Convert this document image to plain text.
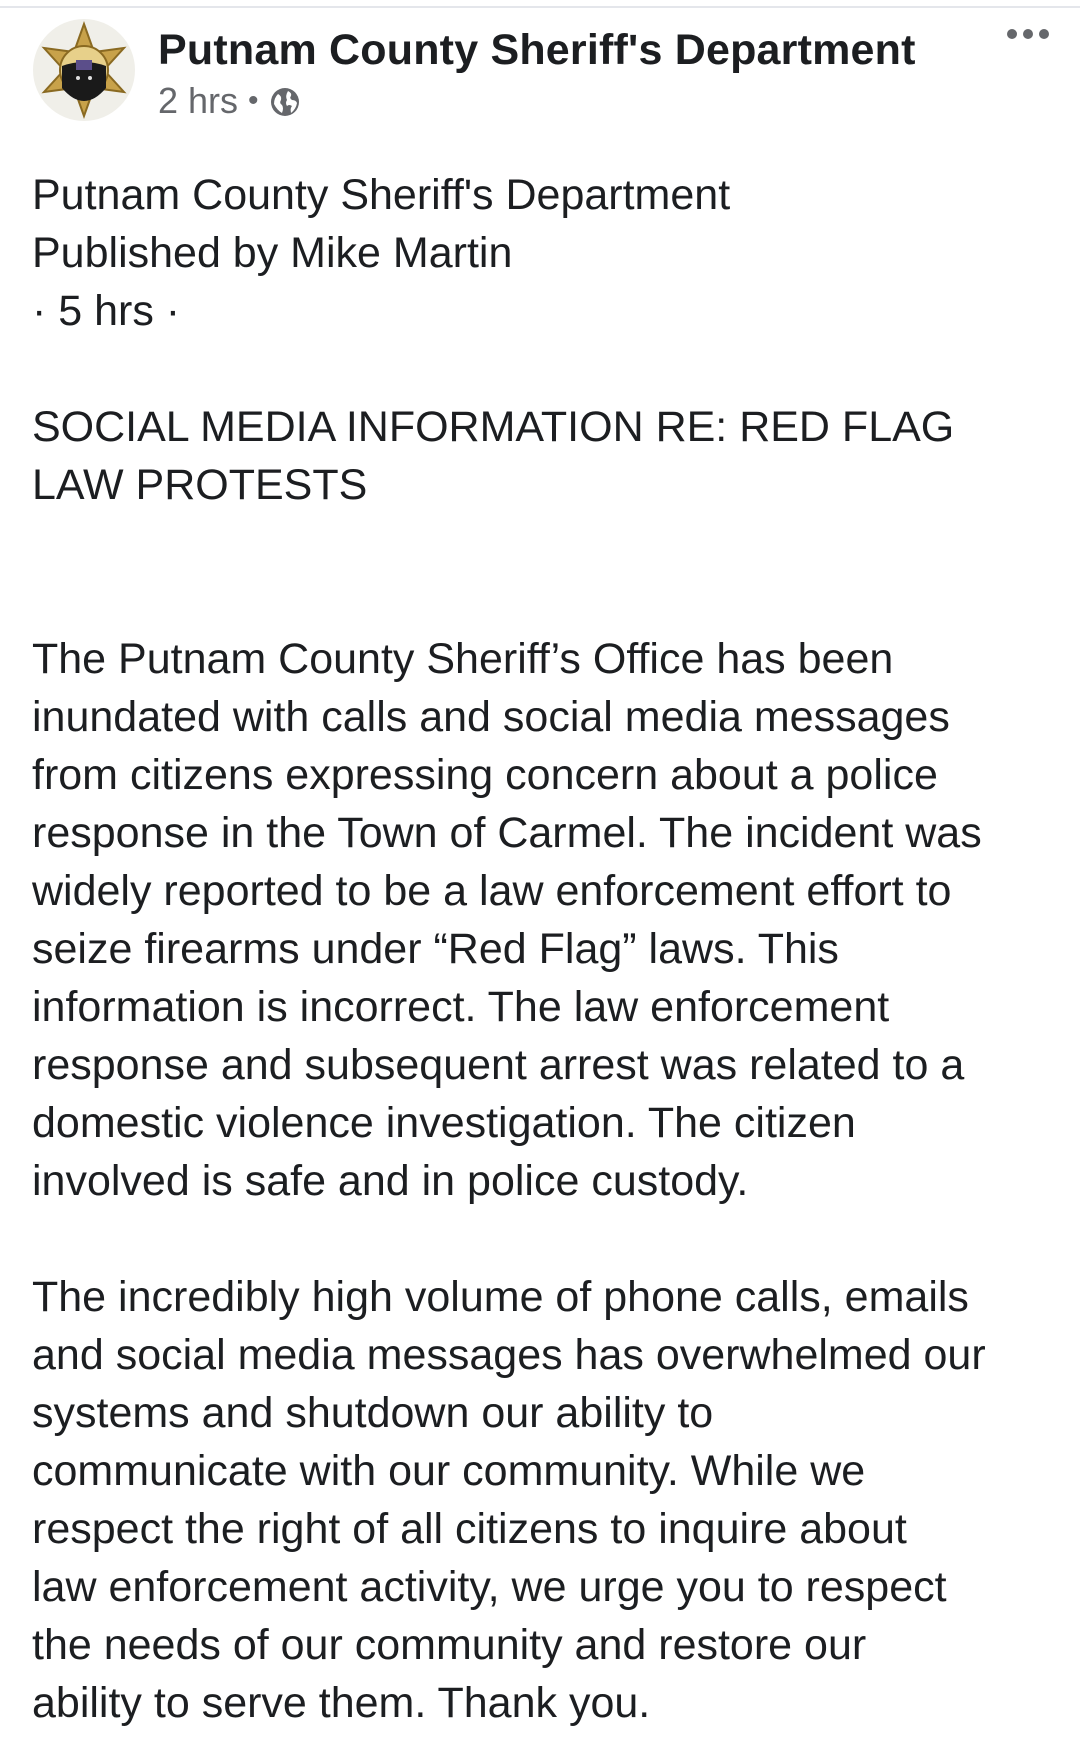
Putnam County Sheriff's Department
2 hrs •
Putnam County Sheriff's Department
Published by Mike Martin
· 5 hrs ·
SOCIAL MEDIA INFORMATION RE: RED FLAG
LAW PROTESTS
The Putnam County Sheriff’s Office has been
inundated with calls and social media messages
from citizens expressing concern about a police
response in the Town of Carmel. The incident was
widely reported to be a law enforcement effort to
seize firearms under “Red Flag” laws. This
information is incorrect. The law enforcement
response and subsequent arrest was related to a
domestic violence investigation. The citizen
involved is safe and in police custody.
The incredibly high volume of phone calls, emails
and social media messages has overwhelmed our
systems and shutdown our ability to
communicate with our community. While we
respect the right of all citizens to inquire about
law enforcement activity, we urge you to respect
the needs of our community and restore our
ability to serve them. Thank you.
